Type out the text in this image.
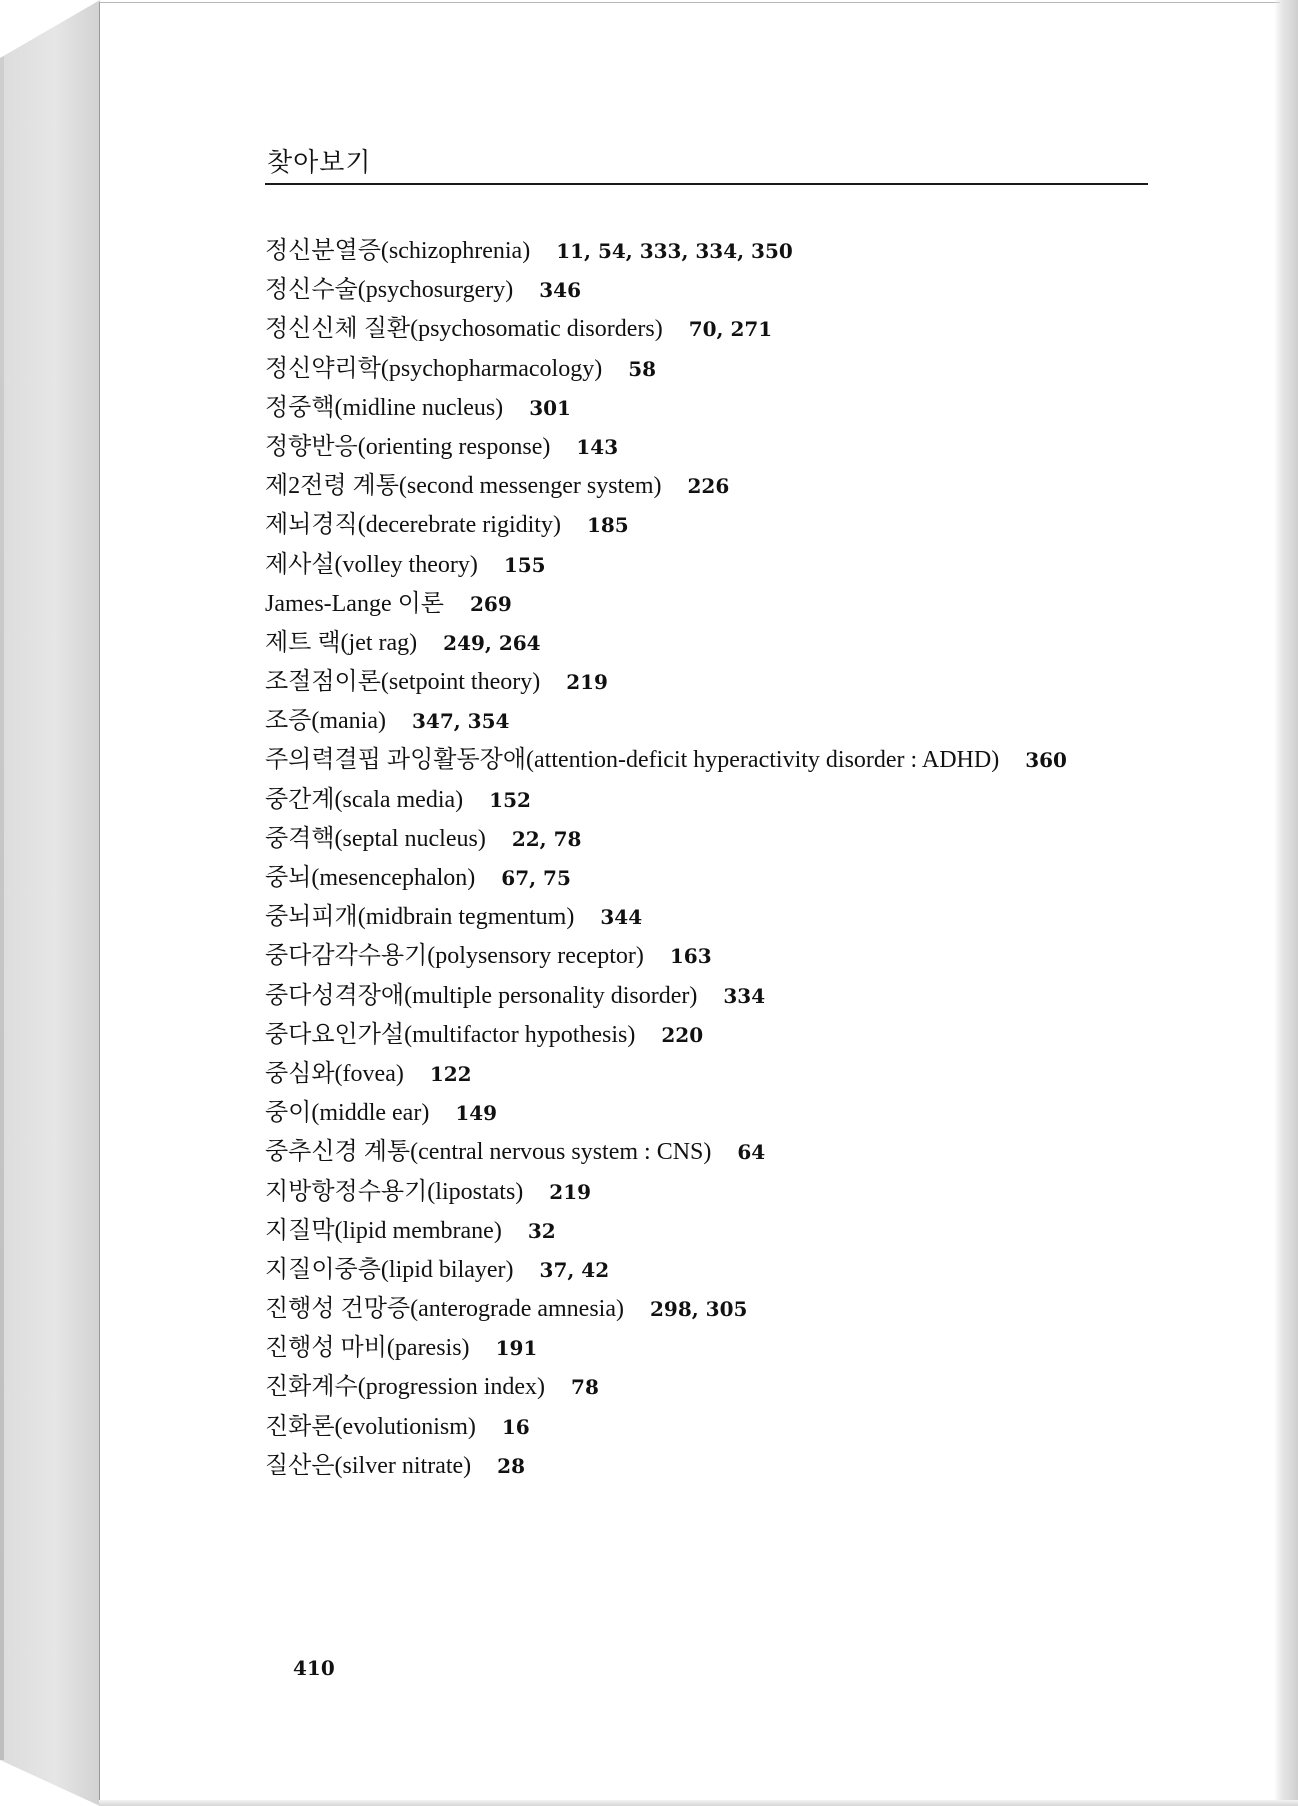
찾아보기
정신분열증(schizophrenia) 11, 54, 333, 334, 350
정신수술(psychosurgery) 346
정신신체 질환(psychosomatic disorders) 70, 271
정신약리학(psychopharmacology) 58
정중핵(midline nucleus) 301
정향반응(orienting response) 143
제2전령 계통(second messenger system) 226
제뇌경직(decerebrate rigidity) 185
제사설(volley theory) 155
James-Lange 이론 269
제트 랙(jet rag) 249, 264
조절점이론(setpoint theory) 219
조증(mania) 347, 354
주의력결핍 과잉활동장애(attention-deficit hyperactivity disorder : ADHD) 360
중간계(scala media) 152
중격핵(septal nucleus) 22, 78
중뇌(mesencephalon) 67, 75
중뇌피개(midbrain tegmentum) 344
중다감각수용기(polysensory receptor) 163
중다성격장애(multiple personality disorder) 334
중다요인가설(multifactor hypothesis) 220
중심와(fovea) 122
중이(middle ear) 149
중추신경 계통(central nervous system : CNS) 64
지방항정수용기(lipostats) 219
지질막(lipid membrane) 32
지질이중층(lipid bilayer) 37, 42
진행성 건망증(anterograde amnesia) 298, 305
진행성 마비(paresis) 191
진화계수(progression index) 78
진화론(evolutionism) 16
질산은(silver nitrate) 28
410
